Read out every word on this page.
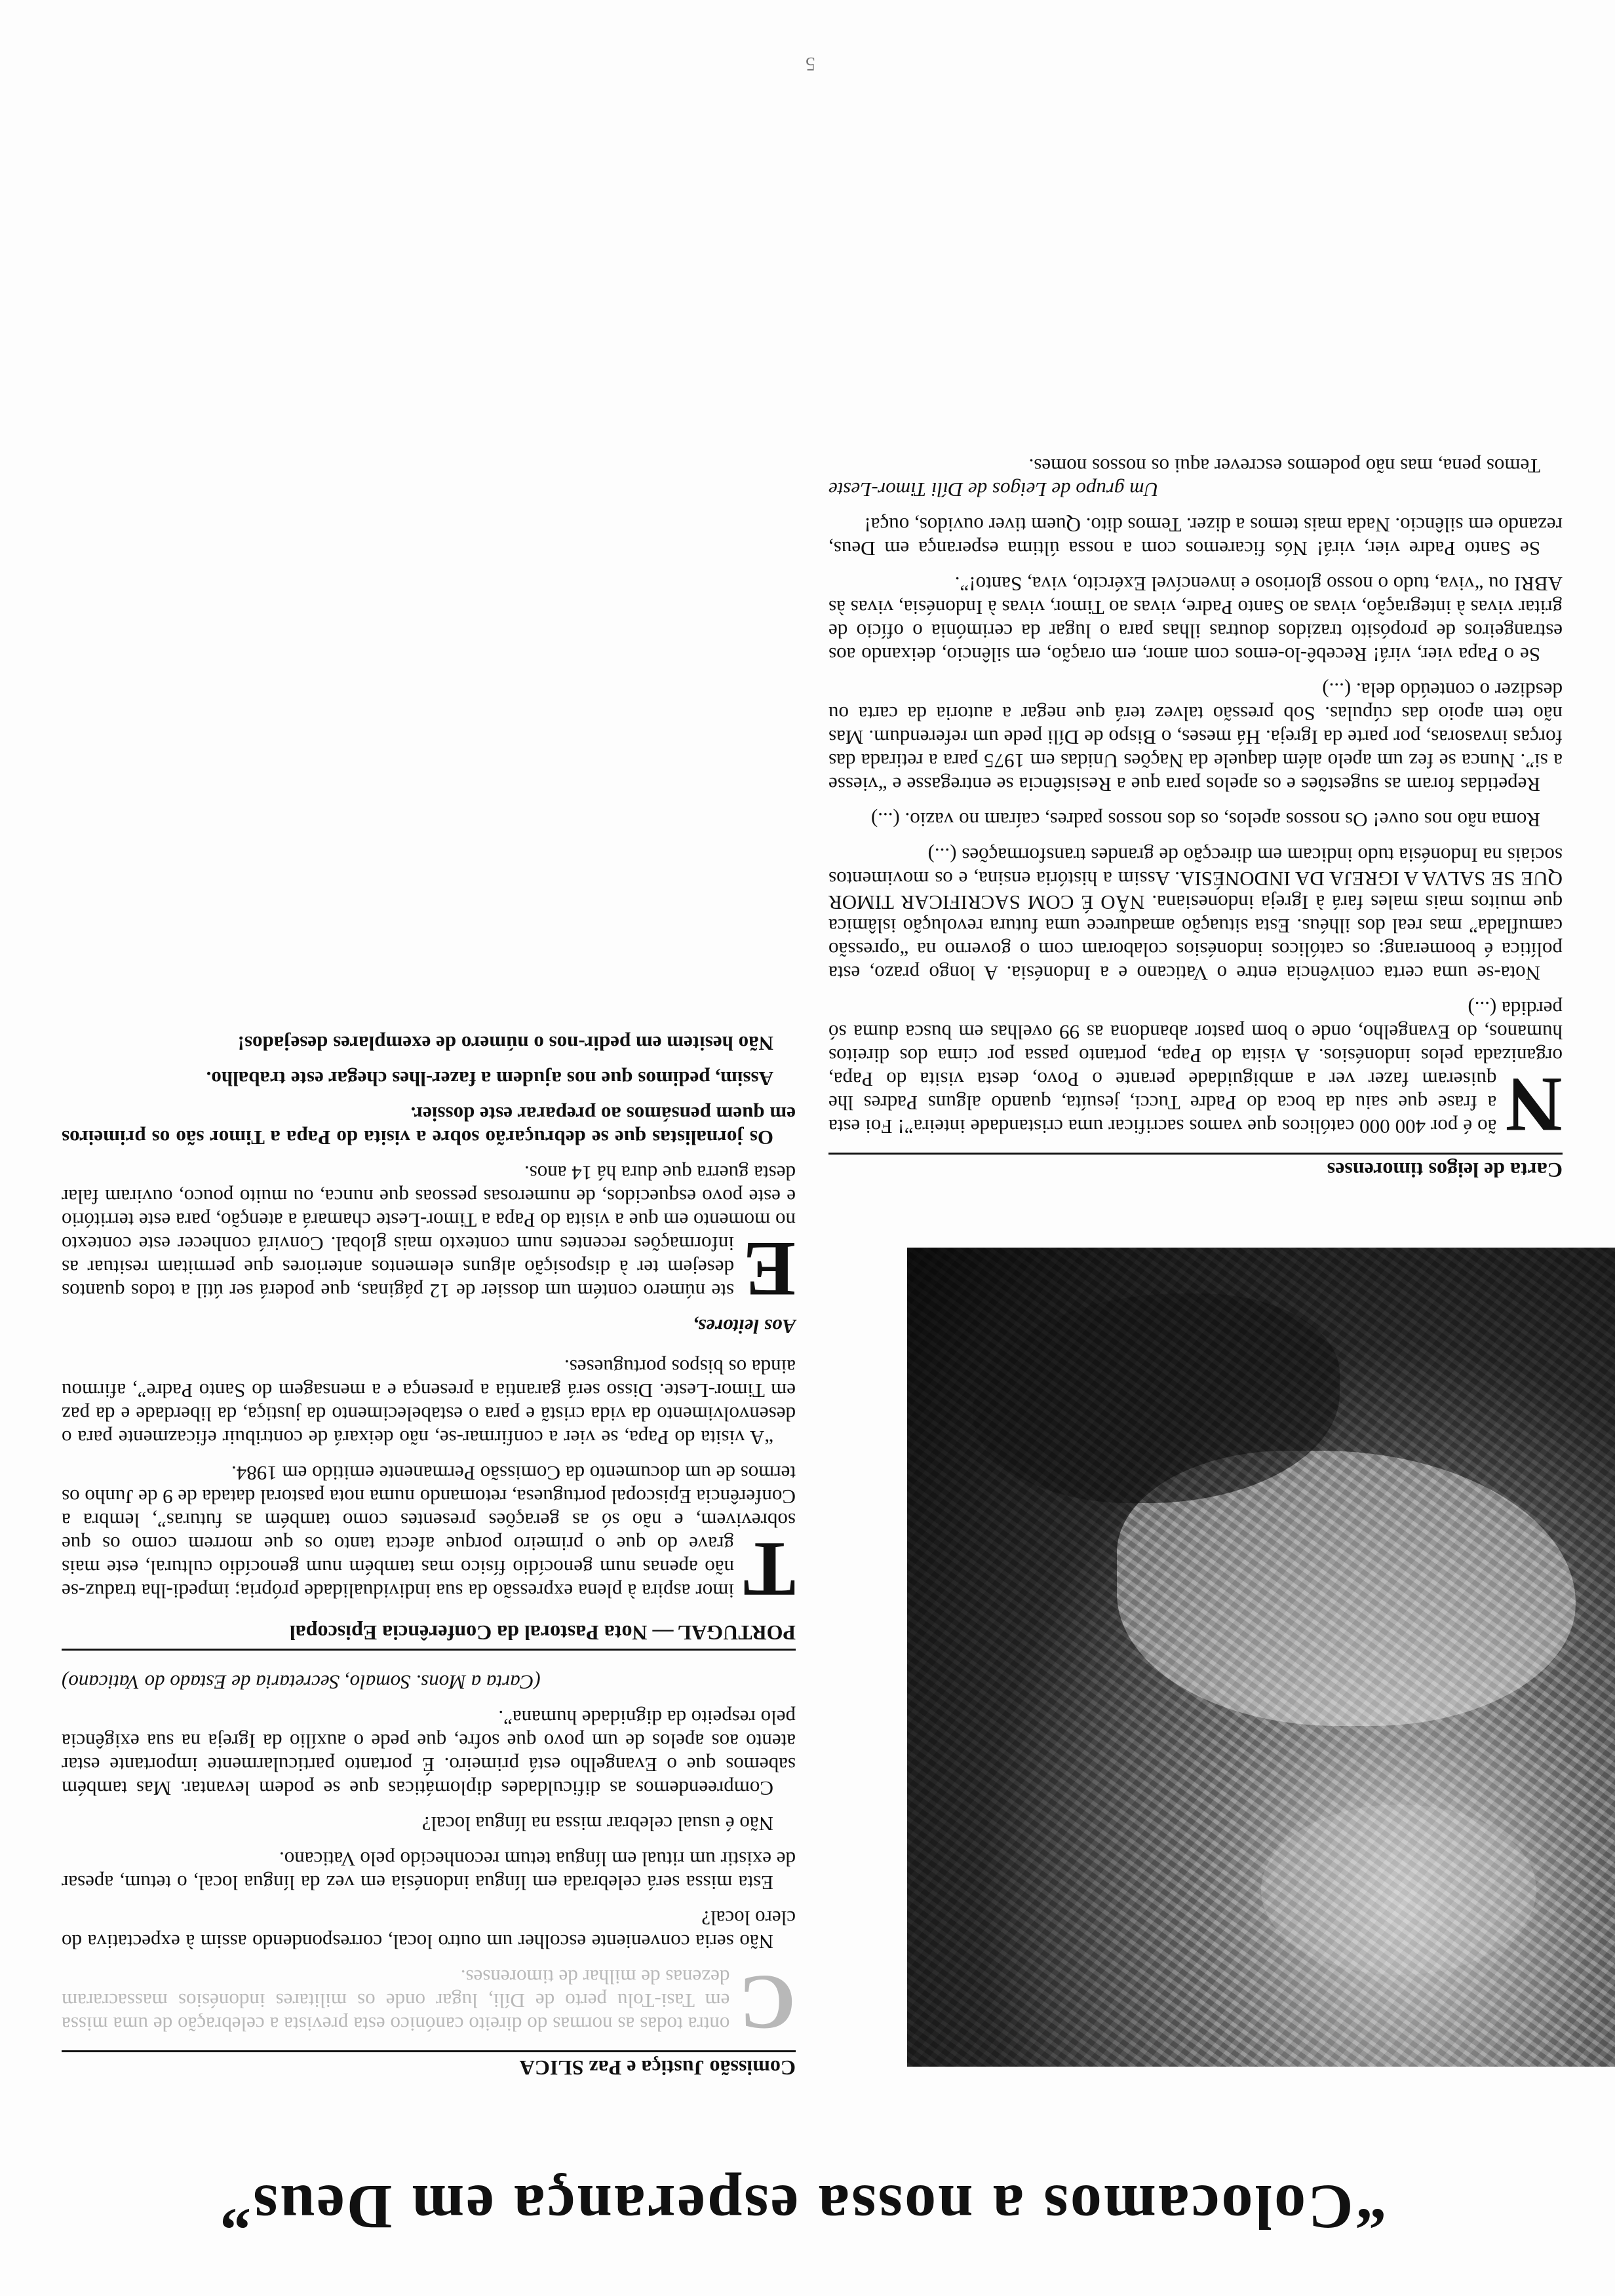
5
“Colocamos a nossa esperança em Deus”
Comissão Justiça e Paz SLICA

C
ontra todas as normas do direito canónico esta prevista a celebração de uma missa em Tasi-Tolu perto de Díli, lugar onde os militares indonésios massacraram dezenas de milhar de timorenses.

Não seria conveniente escolher um outro local, correspondendo assim à expectativa do clero local?

Esta missa será celebrada em língua indonésia em vez da língua local, o tetum, apesar de existir um ritual em língua tetum reconhecido pelo Vaticano.

Não é usual celebrar missa na língua local?

Compreendemos as dificuldades diplomáticas que se podem levantar. Mas também sabemos que o Evangelho está primeiro. É portanto particularmente importante estar atento aos apelos de um povo que sofre, que pede o auxílio da Igreja na sua exigência pelo respeito da dignidade humana”.

(Carta a Mons. Somalo, Secretaria de Estado do Vaticano)

PORTUGAL — Nota Pastoral da Conferência Episcopal

T
imor aspira à plena expressão da sua individualidade própria; impedi-lha traduz-se não apenas num genocídio físico mas também num genocídio cultural, este mais grave do que o primeiro porque afecta tanto os que morrem como os que sobrevivem, e não só as gerações presentes como também as futuras”, lembra a Conferência Episcopal portuguesa, retomando numa nota pastoral datada de 9 de Junho os termos de um documento da Comissão Permanente emitido em 1984.

“A visita do Papa, se vier a confirmar-se, não deixará de contribuir eficazmente para o desenvolvimento da vida cristã e para o estabelecimento da justiça, da liberdade e da paz em Timor-Leste. Disso será garantia a presença e a mensagem do Santo Padre”, afirmou ainda os bispos portugueses.

Aos leitores,

E
ste número contém um dossier de 12 páginas, que poderá ser útil a todos quantos desejem ter à disposição alguns elementos anteriores que permitam resituar as informações recentes num contexto mais global. Convirá conhecer este contexto no momento em que a visita do Papa a Timor-Leste chamará a atenção, para este território e este povo esquecidos, de numerosas pessoas que nunca, ou muito pouco, ouviram falar desta guerra que dura há 14 anos.

Os jornalistas que se debruçarão sobre a visita do Papa a Timor são os primeiros em quem pensámos ao preparar este dossier.

Assim, pedimos que nos ajudem a fazer-lhes chegar este trabalho.

Não hesitem em pedir-nos o número de exemplares desejados!

Carta de leigos timorenses

N
ão é por 400 000 católicos que vamos sacrificar uma cristandade inteira”! Foi esta a frase que saiu da boca do Padre Tucci, jesuíta, quando alguns Padres lhe quiseram fazer ver a ambiguidade perante o Povo, desta visita do Papa, organizada pelos indonésios. A visita do Papa, portanto passa por cima dos direitos humanos, do Evangelho, onde o bom pastor abandona as 99 ovelhas em busca duma só perdida (...)

Nota-se uma certa conivência entre o Vaticano e a Indonésia. A longo prazo, esta política é boomerang: os católicos indonésios colaboram com o governo na “opressão camuflada” mas real dos ilhéus. Esta situação amadurece uma futura revolução islâmica que muitos mais males fará à Igreja indonesiana. NÃO É COM SACRIFICAR TIMOR QUE SE SALVA A IGREJA DA INDONÉSIA. Assim a história ensina, e os movimentos sociais na Indonésia tudo indicam em direcção de grandes transformações (...)

Roma não nos ouve! Os nossos apelos, os dos nossos padres, caíram no vazio. (...)

Repetidas foram as sugestões e os apelos para que a Resistência se entregasse e “viesse a si”. Nunca se fez um apelo além daquele da Nações Unidas em 1975 para a retirada das forças invasoras, por parte da Igreja. Há meses, o Bispo de Díli pede um referendum. Mas não tem apoio das cúpulas. Sob pressão talvez terá que negar a autoria da carta ou desdizer o conteúdo dela. (...)

Se o Papa vier, virá! Recebê-lo-emos com amor, em oração, em silêncio, deixando aos estrangeiros de propósito trazidos doutras ilhas para o lugar da cerimónia o ofício de gritar vivas à integração, vivas ao Santo Padre, vivas ao Timor, vivas à Indonésia, vivas às ABRI ou “viva, tudo o nosso glorioso e invencível Exército, viva, Santo!”.

Se Santo Padre vier, virá! Nós ficaremos com a nossa última esperança em Deus, rezando em silêncio. Nada mais temos a dizer. Temos dito. Quem tiver ouvidos, ouça!

Um grupo de Leigos de Díli Timor-Leste

Temos pena, mas não podemos escrever aqui os nossos nomes.
